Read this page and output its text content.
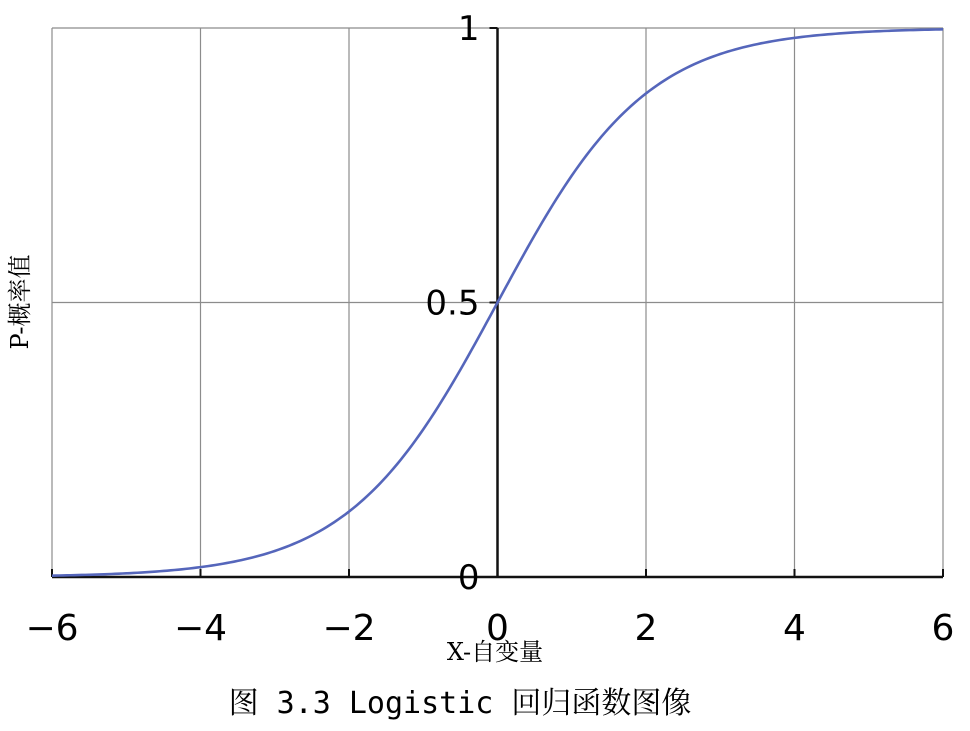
−6	−4	−2	0	2	4	6
0
0.5
1
X-自变量
P-概率值
图 3.3 Logistic 回归函数图像
